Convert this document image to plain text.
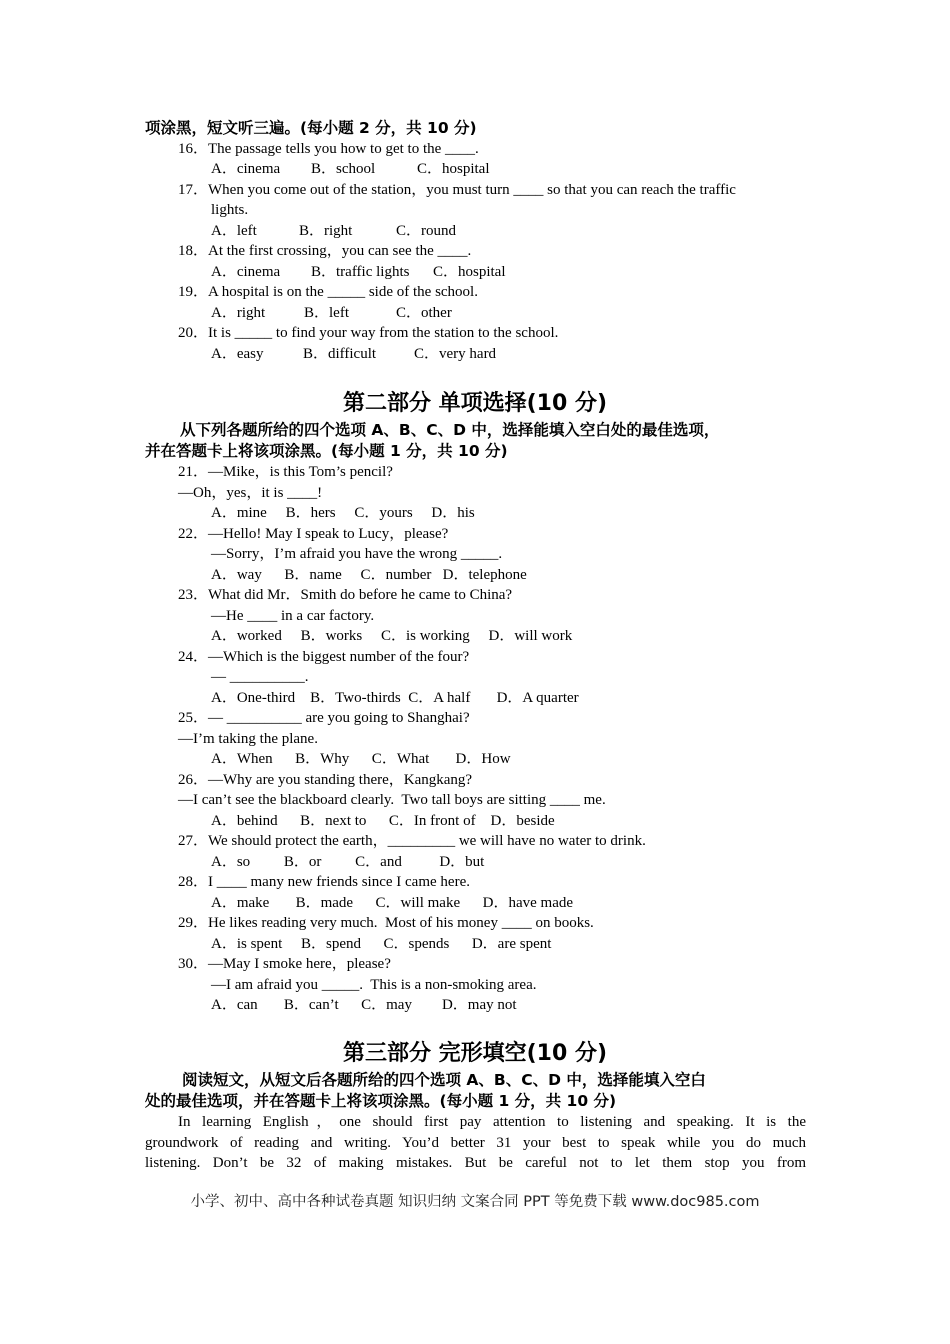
项涂黑，短文听三遍。(每小题 2 分，共 10 分)
16．The passage tells you how to get to the ____.
A．cinema B．school	C．hospital
17．When you come out of the station，you must turn ____ so that you can reach the traffic
lights.
A．left	B．right	C．round
18．At the first crossing，you can see the ____.
A．cinema B．traffic lights C．hospital
19．A hospital is on the _____ side of the school.
A．right	B．left	C．other
20．It is _____ to find your way from the station to the school.
A．easy	B．difficult	C．very hard
第二部分 单项选择(10 分)
从下列各题所给的四个选项 A、B、C、D 中，选择能填入空白处的最佳选项，
并在答题卡上将该项涂黑。(每小题 1 分，共 10 分)
21．—Mike，is this Tom’s pencil?
—Oh，yes，it is ____!
A．mine     B．hers     C．yours     D．his
22．—Hello! May I speak to Lucy，please?
—Sorry，I’m afraid you have the wrong _____.
A．way      B．name     C．number   D．telephone
23．What did Mr．Smith do before he came to China?
—He ____ in a car factory.
A．worked     B．works     C．is working     D．will work
24．—Which is the biggest number of the four?
— __________.
A．One-third    B．Two-thirds  C．A half       D．A quarter
25．— __________ are you going to Shanghai?
—I’m taking the plane.
A．When      B．Why      C．What       D．How
26．—Why are you standing there，Kangkang?
—I can’t see the blackboard clearly.  Two tall boys are sitting ____ me.
A．behind      B．next to      C．In front of    D．beside
27．We should protect the earth，_________ we will have no water to drink.
A．so         B．or         C．and          D．but
28．I ____ many new friends since I came here.
A．make       B．made      C．will make      D．have made
29．He likes reading very much.  Most of his money ____ on books.
A．is spent     B．spend      C．spends      D．are spent
30．—May I smoke here，please?
—I am afraid you _____.  This is a non-smoking area.
A．can       B．can’t      C．may        D．may not
第三部分 完形填空(10 分)
阅读短文，从短文后各题所给的四个选项 A、B、C、D 中，选择能填入空白
处的最佳选项，并在答题卡上将该项涂黑。(每小题 1 分，共 10 分)
In learning English，one should first pay attention to listening and speaking. It is the
groundwork of reading and writing. You’d better 31 your best to speak while you do much
listening. Don’t be 32 of making mistakes. But be careful not to let them stop you from
小学、初中、高中各种试卷真题 知识归纳 文案合同 PPT 等免费下载 www.doc985.com
